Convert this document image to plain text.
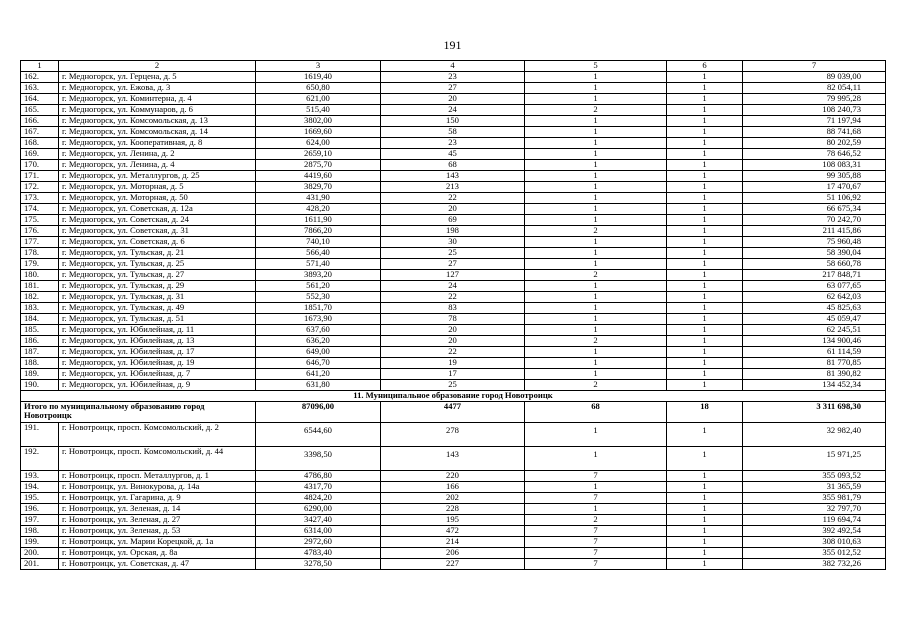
191
1	2	3	4	5	6	7
162.	г. Медногорск, ул. Герцена, д. 5	1619,40	23	1	1	89 039,00
163.	г. Медногорск, ул. Ежова, д. 3	650,80	27	1	1	82 054,11
164.	г. Медногорск, ул. Коминтерна, д. 4	621,00	20	1	1	79 995,28
165.	г. Медногорск, ул. Коммунаров, д. 6	515,40	24	2	1	108 240,73
166.	г. Медногорск, ул. Комсомольская, д. 13	3802,00	150	1	1	71 197,94
167.	г. Медногорск, ул. Комсомольская, д. 14	1669,60	58	1	1	88 741,68
168.	г. Медногорск, ул. Кооперативная, д. 8	624,00	23	1	1	80 202,59
169.	г. Медногорск, ул. Ленина, д. 2	2659,10	45	1	1	78 646,52
170.	г. Медногорск, ул. Ленина, д. 4	2875,70	68	1	1	108 083,31
171.	г. Медногорск, ул. Металлургов, д. 25	4419,60	143	1	1	99 305,88
172.	г. Медногорск, ул. Моторная, д. 5	3829,70	213	1	1	17 470,67
173.	г. Медногорск, ул. Моторная, д. 50	431,90	22	1	1	51 106,92
174.	г. Медногорск, ул. Советская, д. 12а	428,20	20	1	1	66 675,34
175.	г. Медногорск, ул. Советская, д. 24	1611,90	69	1	1	70 242,70
176.	г. Медногорск, ул. Советская, д. 31	7866,20	198	2	1	211 415,86
177.	г. Медногорск, ул. Советская, д. 6	740,10	30	1	1	75 960,48
178.	г. Медногорск, ул. Тульская, д. 21	566,40	25	1	1	58 390,04
179.	г. Медногорск, ул. Тульская, д. 25	571,40	27	1	1	58 660,78
180.	г. Медногорск, ул. Тульская, д. 27	3893,20	127	2	1	217 848,71
181.	г. Медногорск, ул. Тульская, д. 29	561,20	24	1	1	63 077,65
182.	г. Медногорск, ул. Тульская, д. 31	552,30	22	1	1	62 642,03
183.	г. Медногорск, ул. Тульская, д. 49	1851,70	83	1	1	45 825,63
184.	г. Медногорск, ул. Тульская, д. 51	1673,90	78	1	1	45 059,47
185.	г. Медногорск, ул. Юбилейная, д. 11	637,60	20	1	1	62 245,51
186.	г. Медногорск, ул. Юбилейная, д. 13	636,20	20	2	1	134 900,46
187.	г. Медногорск, ул. Юбилейная, д. 17	649,00	22	1	1	61 114,59
188.	г. Медногорск, ул. Юбилейная, д. 19	646,70	19	1	1	81 770,85
189.	г. Медногорск, ул. Юбилейная, д. 7	641,20	17	1	1	81 390,82
190.	г. Медногорск, ул. Юбилейная, д. 9	631,80	25	2	1	134 452,34
11. Муниципальное образование город Новотроицк						
Итого по муниципальному образованию город Новотроицк		87096,00	4477	68	18	3 311 698,30
191.	г. Новотроицк, просп. Комсомольский, д. 2	6544,60	278	1	1	32 982,40
192.	г. Новотроицк, просп. Комсомольский, д. 44	3398,50	143	1	1	15 971,25
193.	г. Новотроицк, просп. Металлургов, д. 1	4786,80	220	7	1	355 093,52
194.	г. Новотроицк, ул. Винокурова, д. 14а	4317,70	166	1	1	31 365,59
195.	г. Новотроицк, ул. Гагарина, д. 9	4824,20	202	7	1	355 981,79
196.	г. Новотроицк, ул. Зеленая, д. 14	6290,00	228	1	1	32 797,70
197.	г. Новотроицк, ул. Зеленая, д. 27	3427,40	195	2	1	119 694,74
198.	г. Новотроицк, ул. Зеленая, д. 53	6314,00	472	7	1	392 492,54
199.	г. Новотроицк, ул. Марии Корецкой, д. 1а	2972,60	214	7	1	308 010,63
200.	г. Новотроицк, ул. Орская, д. 8а	4783,40	206	7	1	355 012,52
201.	г. Новотроицк, ул. Советская, д. 47	3278,50	227	7	1	382 732,26
